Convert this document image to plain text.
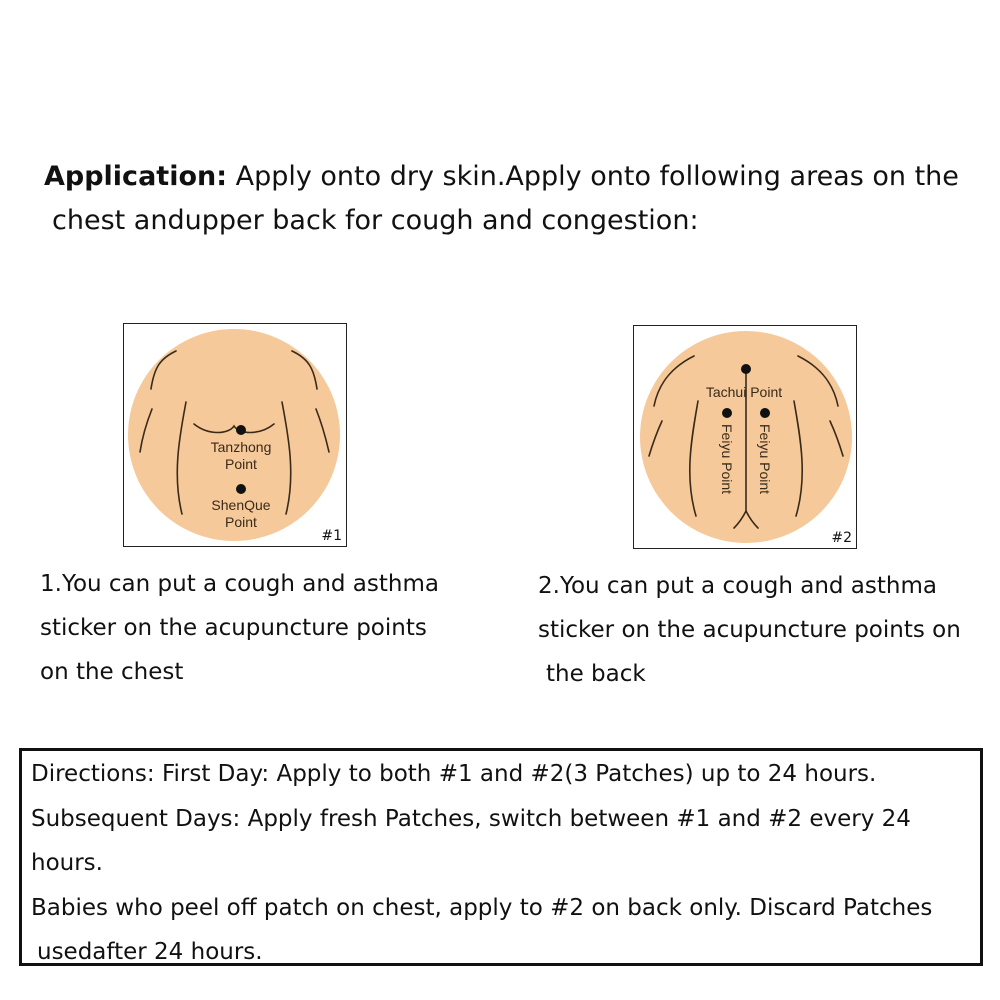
Application: Apply onto dry skin.Apply onto following areas on the
chest andupper back for cough and congestion:
Tanzhong
Point
ShenQue
Point
#1
Tachui Point
Feiyu Point Feiyu Point
#2
1.You can put a cough and asthma
sticker on the acupuncture points
on the chest
2.You can put a cough and asthma
sticker on the acupuncture points on
the back
Directions: First Day: Apply to both #1 and #2(3 Patches) up to 24 hours.
Subsequent Days: Apply fresh Patches, switch between #1 and #2 every 24
hours.
Babies who peel off patch on chest, apply to #2 on back only. Discard Patches
usedafter 24 hours.
